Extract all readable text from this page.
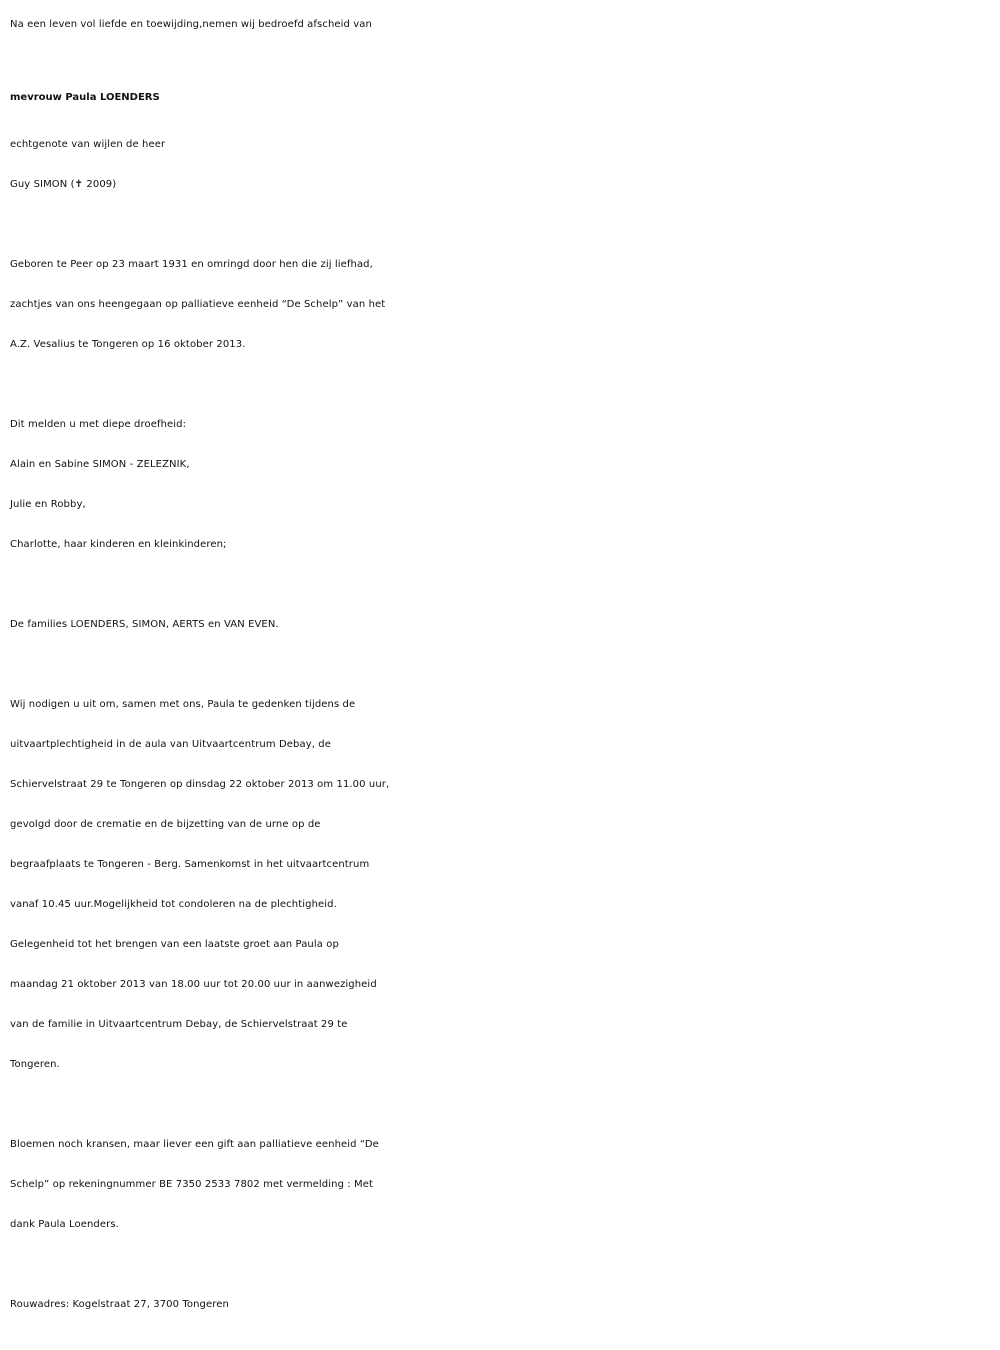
Na een leven vol liefde en toewijding,nemen wij bedroefd afscheid van
mevrouw Paula LOENDERS
echtgenote van wijlen de heer
Guy SIMON (✝ 2009)
Geboren te Peer op 23 maart 1931 en omringd door hen die zij liefhad,
zachtjes van ons heengegaan op palliatieve eenheid “De Schelp” van het
A.Z. Vesalius te Tongeren op 16 oktober 2013.
Dit melden u met diepe droefheid:
Alain en Sabine SIMON - ZELEZNIK,
Julie en Robby,
Charlotte, haar kinderen en kleinkinderen;
De families LOENDERS, SIMON, AERTS en VAN EVEN.
Wij nodigen u uit om, samen met ons, Paula te gedenken tijdens de
uitvaartplechtigheid in de aula van Uitvaartcentrum Debay, de
Schiervelstraat 29 te Tongeren op dinsdag 22 oktober 2013 om 11.00 uur,
gevolgd door de crematie en de bijzetting van de urne op de
begraafplaats te Tongeren - Berg. Samenkomst in het uitvaartcentrum
vanaf 10.45 uur.Mogelijkheid tot condoleren na de plechtigheid.
Gelegenheid tot het brengen van een laatste groet aan Paula op
maandag 21 oktober 2013 van 18.00 uur tot 20.00 uur in aanwezigheid
van de familie in Uitvaartcentrum Debay, de Schiervelstraat 29 te
Tongeren.
Bloemen noch kransen, maar liever een gift aan palliatieve eenheid “De
Schelp” op rekeningnummer BE 7350 2533 7802 met vermelding : Met
dank Paula Loenders.
Rouwadres: Kogelstraat 27, 3700 Tongeren
